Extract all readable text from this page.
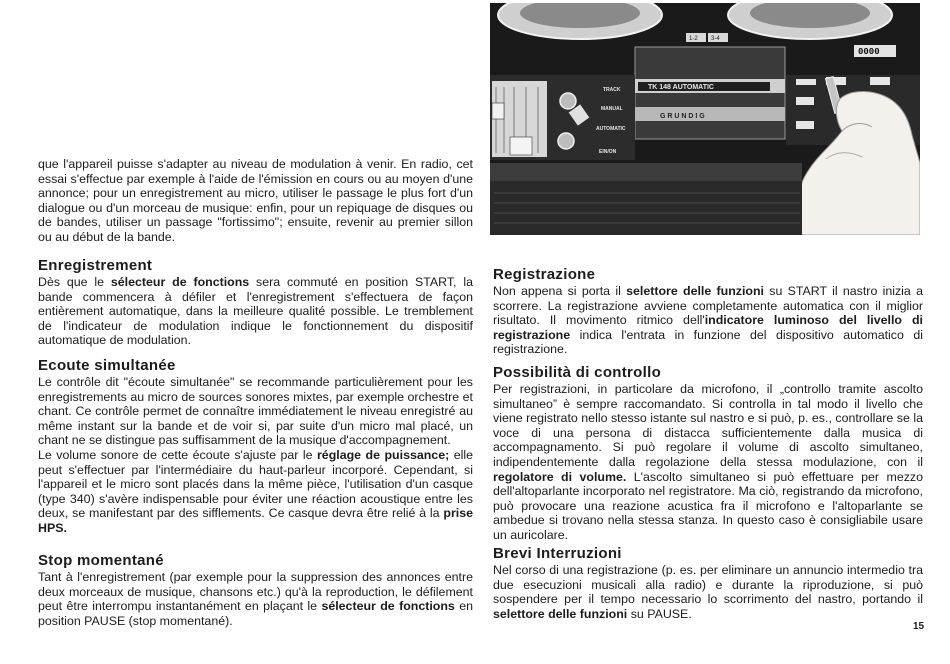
TK 148 AUTOMATIC
G R U N D I G
1-2 3-4
0000
TRACK
MANUAL
AUTOMATIC
EIN/ON

que l'appareil puisse s'adapter au niveau de modulation à venir. En radio, cet essai s'effectue par exemple à l'aide de l'émission en cours ou au moyen d'une annonce; pour un enregistrement au micro, utiliser le passage le plus fort d'un dialogue ou d'un morceau de musique: enfin, pour un repiquage de disques ou de bandes, utiliser un passage "fortissimo"; ensuite, revenir au premier sillon ou au début de la bande.

Enregistrement

Dès que le sélecteur de fonctions sera commuté en position START, la bande commencera à défiler et l'enregistrement s'effectuera de façon entièrement automatique, dans la meilleure qualité possible. Le tremblement de l'indicateur de modulation indique le fonctionnement du dispositif automatique de modulation.

Ecoute simultanée

Le contrôle dit "écoute simultanée" se recommande particulièrement pour les enregistrements au micro de sources sonores mixtes, par exemple orchestre et chant. Ce contrôle permet de connaître immédiatement le niveau enregistré au même instant sur la bande et de voir si, par suite d'un micro mal placé, un chant ne se distingue pas suffisamment de la musique d'accompagnement.

Le volume sonore de cette écoute s'ajuste par le réglage de puissance; elle peut s'effectuer par l'intermédiaire du haut-parleur incorporé. Cependant, si l'appareil et le micro sont placés dans la même pièce, l'utilisation d'un casque (type 340) s'avère indispensable pour éviter une réaction acoustique entre les deux, se manifestant par des sifflements. Ce casque devra être relié à la prise HPS.

Stop momentané

Tant à l'enregistrement (par exemple pour la suppression des annonces entre deux morceaux de musique, chansons etc.) qu'à la reproduction, le défilement peut être interrompu instantanément en plaçant le sélecteur de fonctions en position PAUSE (stop momentané).

Registrazione

Non appena si porta il selettore delle funzioni su START il nastro inizia a scorrere. La registrazione avviene completamente automatica con il miglior risultato. Il movimento ritmico dell'indicatore luminoso del livello di registrazione indica l'entrata in funzione del dispositivo automatico di registrazione.

Possibilità di controllo

Per registrazioni, in particolare da microfono, il „controllo tramite ascolto simultaneo” è sempre raccomandato. Si controlla in tal modo il livello che viene registrato nello stesso istante sul nastro e si può, p. es., controllare se la voce di una persona di distacca sufficientemente dalla musica di accompagnamento. Si può regolare il volume di ascolto simultaneo, indipendentemente dalla regolazione della stessa modulazione, con il regolatore di volume. L'ascolto simultaneo si può effettuare per mezzo dell'altoparlante incorporato nel registratore. Ma ciò, registrando da microfono, può provocare una reazione acustica fra il microfono e l'altoparlante se ambedue si trovano nella stessa stanza. In questo caso è consigliabile usare un auricolare.

Brevi Interruzioni

Nel corso di una registrazione (p. es. per eliminare un annuncio intermedio tra due esecuzioni musicali alla radio) e durante la riproduzione, si può sospendere per il tempo necessario lo scorrimento del nastro, portando il selettore delle funzioni su PAUSE.

15
